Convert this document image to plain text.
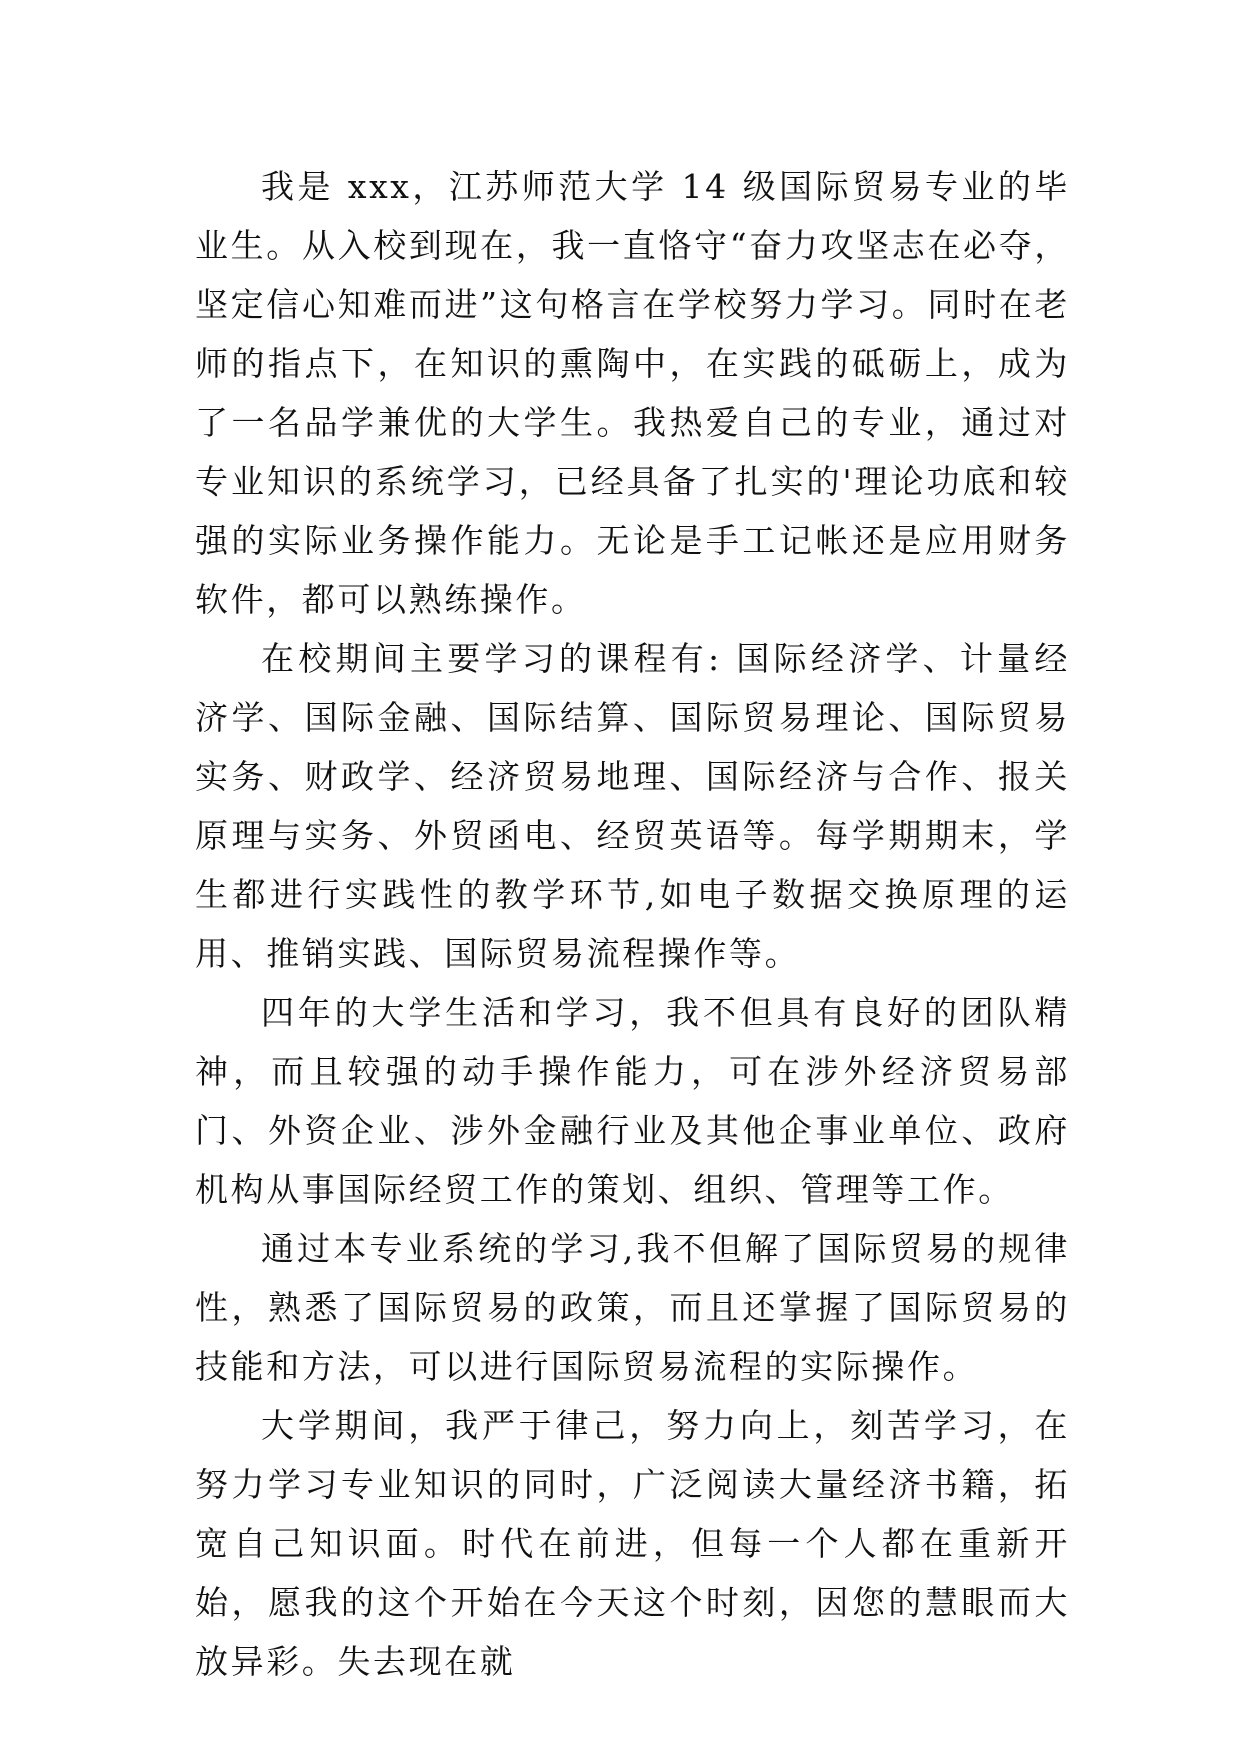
我是 xxx，江苏师范大学 14 级国际贸易专业的毕业生。从入校到现在，我一直恪守“奋力攻坚志在必夺，坚定信心知难而进”这句格言在学校努力学习。同时在老师的指点下，在知识的熏陶中，在实践的砥砺上，成为了一名品学兼优的大学生。我热爱自己的专业，通过对专业知识的系统学习，已经具备了扎实的'理论功底和较强的实际业务操作能力。无论是手工记帐还是应用财务软件，都可以熟练操作。

在校期间主要学习的课程有: 国际经济学、计量经济学、国际金融、国际结算、国际贸易理论、国际贸易实务、财政学、经济贸易地理、国际经济与合作、报关原理与实务、外贸函电、经贸英语等。每学期期末，学生都进行实践性的教学环节,如电子数据交换原理的运用、推销实践、国际贸易流程操作等。

四年的大学生活和学习，我不但具有良好的团队精神，而且较强的动手操作能力，可在涉外经济贸易部门、外资企业、涉外金融行业及其他企事业单位、政府机构从事国际经贸工作的策划、组织、管理等工作。

通过本专业系统的学习,我不但解了国际贸易的规律性，熟悉了国际贸易的政策，而且还掌握了国际贸易的技能和方法，可以进行国际贸易流程的实际操作。

大学期间，我严于律己，努力向上，刻苦学习，在努力学习专业知识的同时，广泛阅读大量经济书籍，拓宽自己知识面。时代在前进，但每一个人都在重新开始，愿我的这个开始在今天这个时刻，因您的慧眼而大放异彩。失去现在就
